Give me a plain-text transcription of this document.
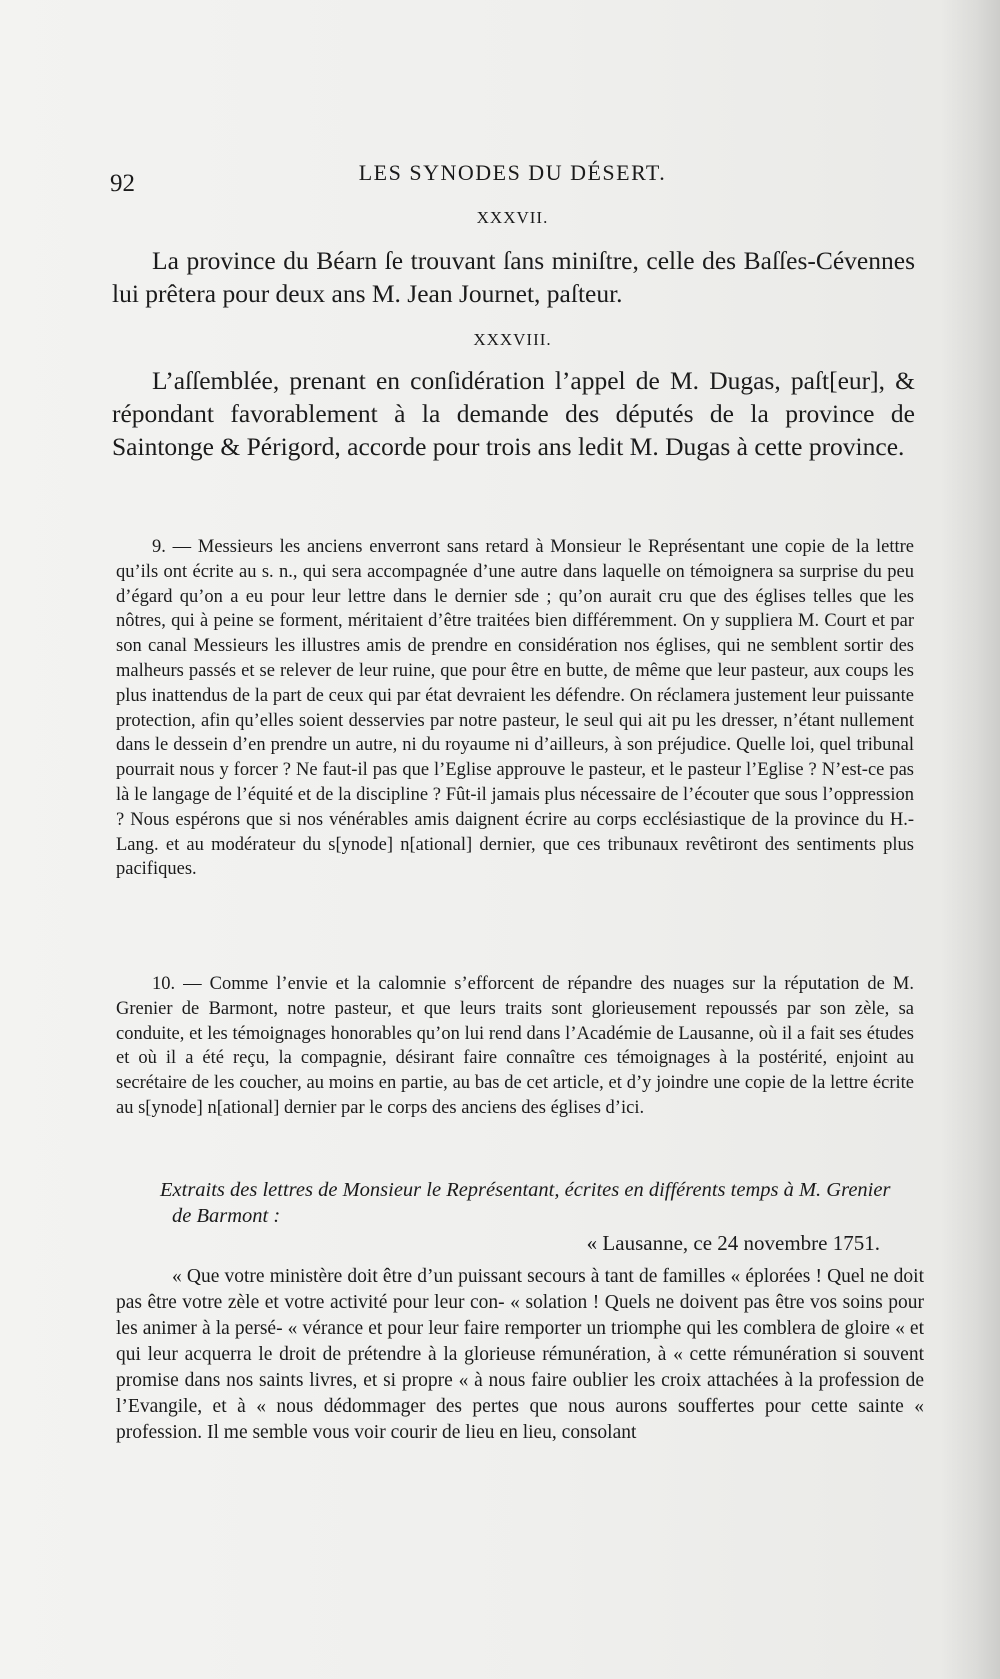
92	LES SYNODES DU DÉSERT.
XXXVII.

La province du Béarn ſe trouvant ſans miniſtre, celle des Baſſes-Cévennes lui prêtera pour deux ans M. Jean Journet, paſteur.

XXXVIII.

L’aſſemblée, prenant en conſidération l’appel de M. Dugas, paſt[eur], & répondant favorablement à la demande des députés de la province de Saintonge & Périgord, accorde pour trois ans ledit M. Dugas à cette province.

9. — Messieurs les anciens enverront sans retard à Monsieur le Représentant une copie de la lettre qu’ils ont écrite au s. n., qui sera accompagnée d’une autre dans laquelle on témoignera sa surprise du peu d’égard qu’on a eu pour leur lettre dans le dernier sde ; qu’on aurait cru que des églises telles que les nôtres, qui à peine se forment, méritaient d’être traitées bien différemment. On y suppliera M. Court et par son canal Messieurs les illustres amis de prendre en considération nos églises, qui ne semblent sortir des malheurs passés et se relever de leur ruine, que pour être en butte, de même que leur pasteur, aux coups les plus inattendus de la part de ceux qui par état devraient les défendre. On réclamera justement leur puissante protection, afin qu’elles soient desservies par notre pasteur, le seul qui ait pu les dresser, n’étant nullement dans le dessein d’en prendre un autre, ni du royaume ni d’ailleurs, à son préjudice. Quelle loi, quel tribunal pourrait nous y forcer ? Ne faut-il pas que l’Eglise approuve le pasteur, et le pasteur l’Eglise ? N’est-ce pas là le langage de l’équité et de la discipline ? Fût-il jamais plus nécessaire de l’écouter que sous l’oppression ? Nous espérons que si nos vénérables amis daignent écrire au corps ecclésiastique de la province du H.-Lang. et au modérateur du s[ynode] n[ational] dernier, que ces tribunaux revêtiront des sentiments plus pacifiques.

10. — Comme l’envie et la calomnie s’efforcent de répandre des nuages sur la réputation de M. Grenier de Barmont, notre pasteur, et que leurs traits sont glorieusement repoussés par son zèle, sa conduite, et les témoignages honorables qu’on lui rend dans l’Académie de Lausanne, où il a fait ses études et où il a été reçu, la compagnie, désirant faire connaître ces témoignages à la postérité, enjoint au secrétaire de les coucher, au moins en partie, au bas de cet article, et d’y joindre une copie de la lettre écrite au s[ynode] n[ational] dernier par le corps des anciens des églises d’ici.

Extraits des lettres de Monsieur le Représentant, écrites en différents temps à M. Grenier de Barmont :

« Lausanne, ce 24 novembre 1751.

« Que votre ministère doit être d’un puissant secours à tant de familles « éplorées ! Quel ne doit pas être votre zèle et votre activité pour leur con- « solation ! Quels ne doivent pas être vos soins pour les animer à la persé- « vérance et pour leur faire remporter un triomphe qui les comblera de gloire « et qui leur acquerra le droit de prétendre à la glorieuse rémunération, à « cette rémunération si souvent promise dans nos saints livres, et si propre « à nous faire oublier les croix attachées à la profession de l’Evangile, et à « nous dédommager des pertes que nous aurons souffertes pour cette sainte « profession. Il me semble vous voir courir de lieu en lieu, consolant
